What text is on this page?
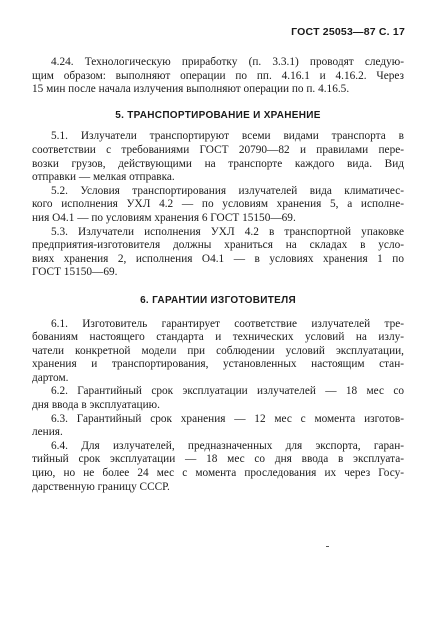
ГОСТ 25053—87 С. 17
4.24. Технологическую приработку (п. 3.3.1) проводят следую-
щим образом: выполняют операции по пп. 4.16.1 и 4.16.2. Через
15 мин после начала излучения выполняют операции по п. 4.16.5.
5. ТРАНСПОРТИРОВАНИЕ И ХРАНЕНИЕ
5.1. Излучатели транспортируют всеми видами транспорта в
соответствии с требованиями ГОСТ 20790—82 и правилами пере-
возки грузов, действующими на транспорте каждого вида. Вид
отправки — мелкая отправка.
5.2. Условия транспортирования излучателей вида климатичес-
кого исполнения УХЛ 4.2 — по условиям хранения 5, а исполне-
ния О4.1 — по условиям хранения 6 ГОСТ 15150—69.
5.3. Излучатели исполнения УХЛ 4.2 в транспортной упаковке
предприятия-изготовителя должны храниться на складах в усло-
виях хранения 2, исполнения О4.1 — в условиях хранения 1 по
ГОСТ 15150—69.
6. ГАРАНТИИ ИЗГОТОВИТЕЛЯ
6.1. Изготовитель гарантирует соответствие излучателей тре-
бованиям настоящего стандарта и технических условий на излу-
чатели конкретной модели при соблюдении условий эксплуатации,
хранения и транспортирования, установленных настоящим стан-
дартом.
6.2. Гарантийный срок эксплуатации излучателей — 18 мес со
дня ввода в эксплуатацию.
6.3. Гарантийный срок хранения — 12 мес с момента изготов-
ления.
6.4. Для излучателей, предназначенных для экспорта, гаран-
тийный срок эксплуатации — 18 мес со дня ввода в эксплуата-
цию, но не более 24 мес с момента проследования их через Госу-
дарственную границу СССР.
